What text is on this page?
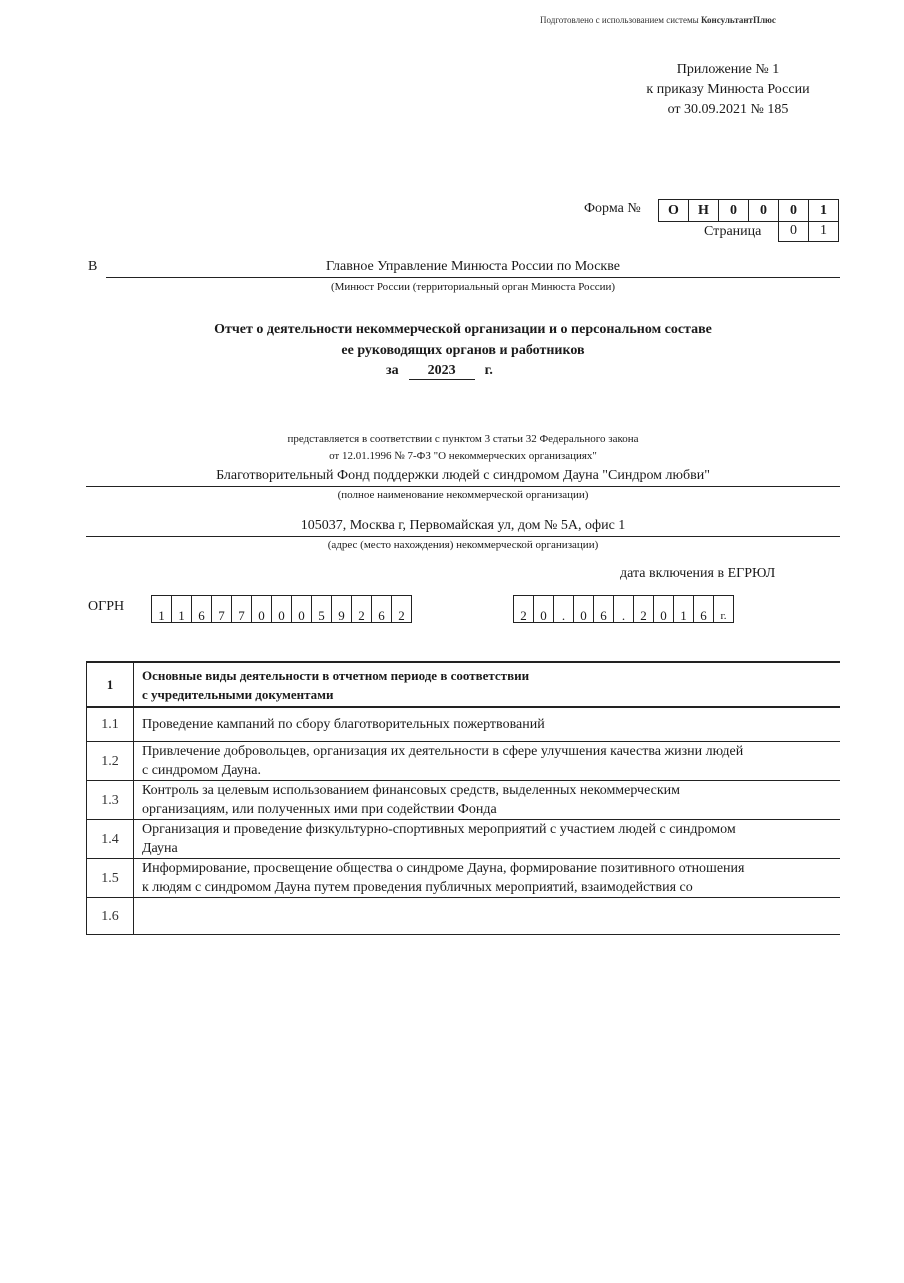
Подготовлено с использованием системы КонсультантПлюс
Приложение № 1
к приказу Минюста России
от 30.09.2021 № 185
Форма №	О	Н	0	0	0	1
Страница	0	1
В	Главное Управление Минюста России по Москве
(Минюст России (территориальный орган Минюста России)
Отчет о деятельности некоммерческой организации и о персональном составе
ее руководящих органов и работников
за	2023	г.
представляется в соответствии с пунктом 3 статьи 32 Федерального закона
от 12.01.1996 № 7-ФЗ "О некоммерческих организациях"
Благотворительный Фонд поддержки людей с синдромом Дауна "Синдром любви"
(полное наименование некоммерческой организации)
105037, Москва г, Первомайская ул, дом № 5А, офис 1
(адрес (место нахождения) некоммерческой организации)
дата включения в ЕГРЮЛ
ОГРН
1	1	6	7	7	0	0	0	5	9	2	6	2	2	0	.	0	6	.	2	0	1	6	г.
1	Основные виды деятельности в отчетном периоде в соответствии
с учредительными документами

1.1	Проведение кампаний по сбору благотворительных пожертвований

1.2	Привлечение добровольцев, организация их деятельности в сфере улучшения качества жизни людей
с синдромом Дауна.

1.3	Контроль за целевым использованием финансовых средств, выделенных некоммерческим
организациям, или полученных ими при содействии Фонда

1.4	Организация и проведение физкультурно-спортивных мероприятий с участием людей с синдромом
Дауна

1.5	Информирование, просвещение общества о синдроме Дауна, формирование позитивного отношения
к людям с синдромом Дауна путем проведения публичных мероприятий, взаимодействия со

1.6	
